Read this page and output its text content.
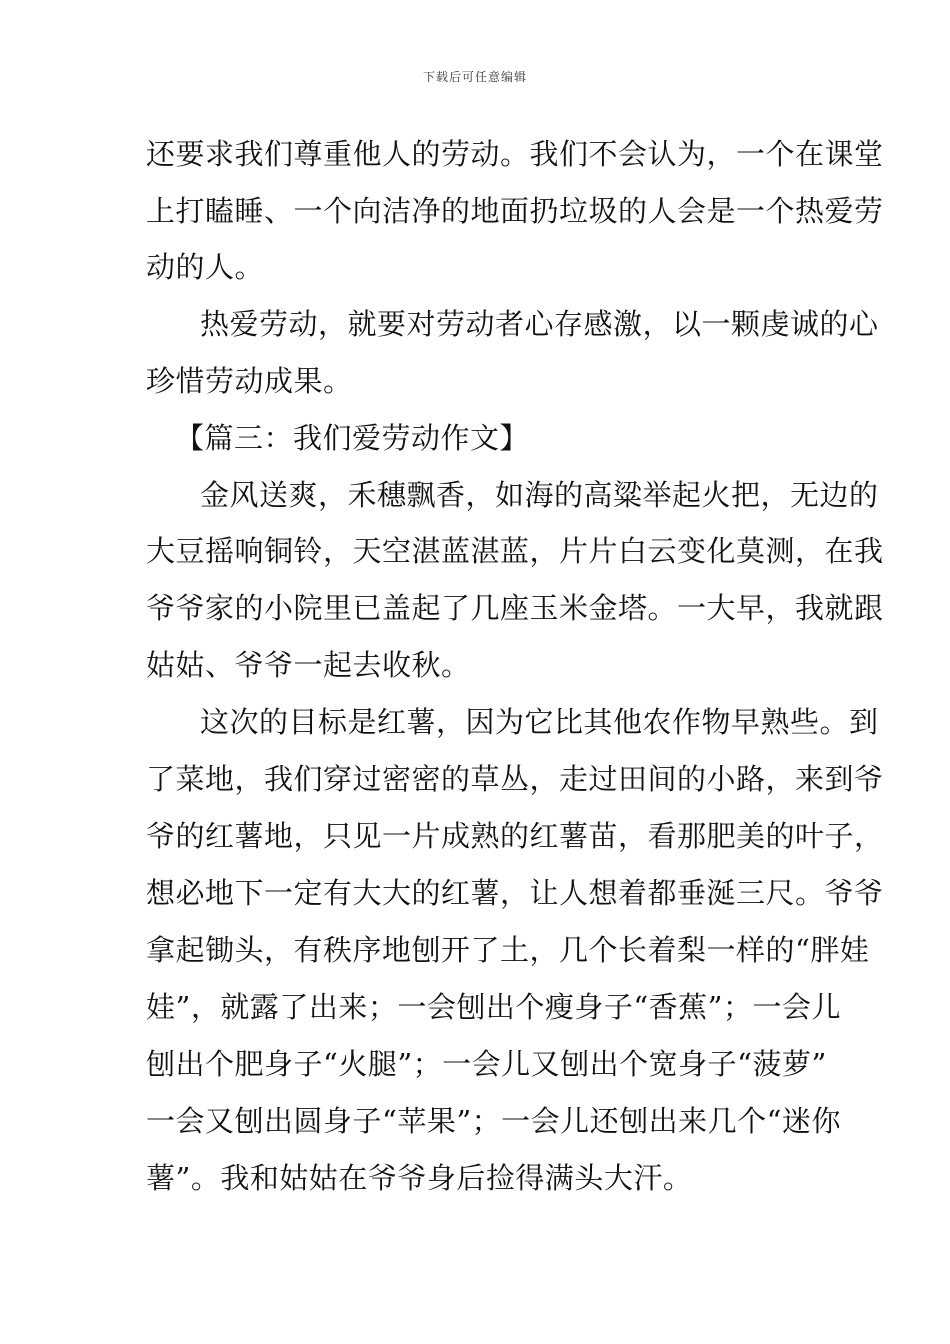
下载后可任意编辑
还要求我们尊重他人的劳动。我们不会认为，一个在课堂
上打瞌睡、一个向洁净的地面扔垃圾的人会是一个热爱劳
动的人。
热爱劳动，就要对劳动者心存感激，以一颗虔诚的心
珍惜劳动成果。
【篇三：我们爱劳动作文】
金风送爽，禾穗飘香，如海的高粱举起火把，无边的
大豆摇响铜铃，天空湛蓝湛蓝，片片白云变化莫测，在我
爷爷家的小院里已盖起了几座玉米金塔。一大早，我就跟
姑姑、爷爷一起去收秋。
这次的目标是红薯，因为它比其他农作物早熟些。到
了菜地，我们穿过密密的草丛，走过田间的小路，来到爷
爷的红薯地，只见一片成熟的红薯苗，看那肥美的叶子，
想必地下一定有大大的红薯，让人想着都垂涎三尺。爷爷
拿起锄头，有秩序地刨开了土，几个长着梨一样的“胖娃
娃”，就露了出来；一会刨出个瘦身子“香蕉”；一会儿
刨出个肥身子“火腿”；一会儿又刨出个宽身子“菠萝”
一会又刨出圆身子“苹果”；一会儿还刨出来几个“迷你
薯”。我和姑姑在爷爷身后捡得满头大汗。
